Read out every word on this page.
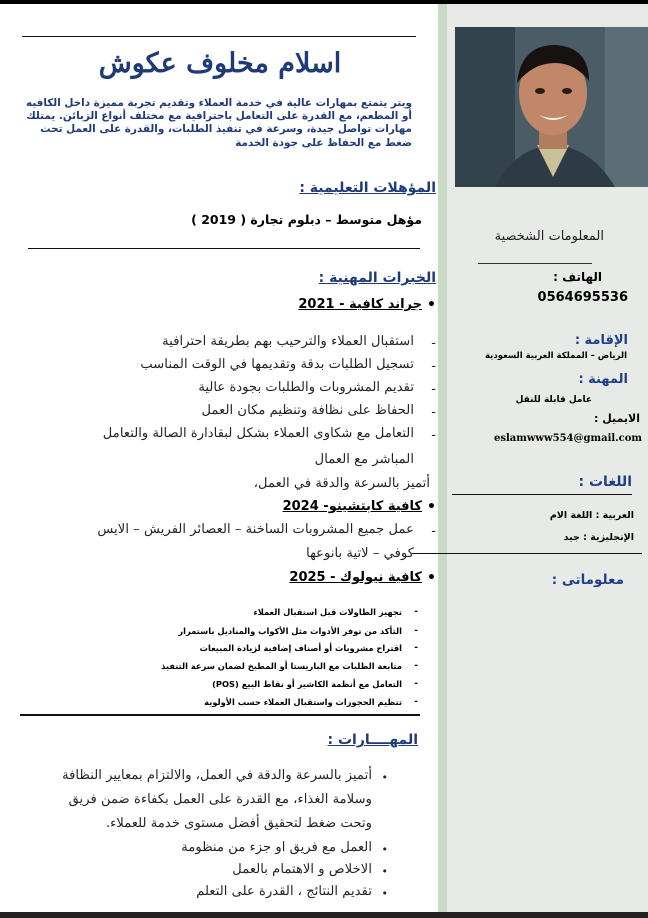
المعلومات الشخصية
الهاتف :
0564695536
الإقامة :
الرياض – المملكة العربية السعودية
المهنة :
عامل قابلة للنقل
الايميل :
eslamwww554@gmail.com
اللغات :
العربية : اللغة الام
الإنجليزية : جيد
معلوماتى :
اسلام مخلوف عكوش
ويتر يتمتع بمهارات عالية في خدمة العملاء وتقديم تجربة مميزة داخل الكافيه أو المطعم، مع القدرة على التعامل باحترافية مع مختلف أنواع الزبائن. يمتلك مهارات تواصل جيدة، وسرعة في تنفيذ الطلبات، والقدرة على العمل تحت ضغط مع الحفاظ على جودة الخدمة
المؤهلات التعليمية :
مؤهل متوسط – دبلوم تجارة ( 2019 )
الخبرات المهنية :
•
جراند كافية - 2021
-
استقبال العملاء والترحيب بهم بطريقة احترافية
-
تسجيل الطلبات بدقة وتقديمها في الوقت المناسب
-
تقديم المشروبات والطلبات بجودة عالية
-
الحفاظ على نظافة وتنظيم مكان العمل
-
التعامل مع شكاوى العملاء بشكل لبقادارة الصالة والتعامل
المباشر مع العمال
أتميز بالسرعة والدقة في العمل،
•
كافية كابتشينو- 2024
-
عمل جميع المشروبات الساخنة – العصائر الفريش – الايس
كوفي – لاتية بانوعها
•
كافية نيولوك - 2025
-
تجهيز الطاولات قبل استقبال العملاء
-
التأكد من توفر الأدوات مثل الأكواب والمناديل باستمرار
-
اقتراح مشروبات أو أصناف إضافية لزيادة المبيعات
-
متابعة الطلبات مع الباريستا أو المطبخ لضمان سرعة التنفيذ
-
التعامل مع أنظمة الكاشير أو نقاط البيع (POS)
-
تنظيم الحجوزات واستقبال العملاء حسب الأولوية
المهــــارات :
•
أتميز بالسرعة والدقة في العمل، والالتزام بمعايير النظافة
وسلامة الغذاء، مع القدرة على العمل بكفاءة ضمن فريق
وتحت ضغط لتحقيق أفضل مستوى خدمة للعملاء.
•
العمل مع فريق او جزء من منظومة
•
الاخلاص و الاهتمام بالعمل
•
تقديم النتائج ، القدرة على التعلم
